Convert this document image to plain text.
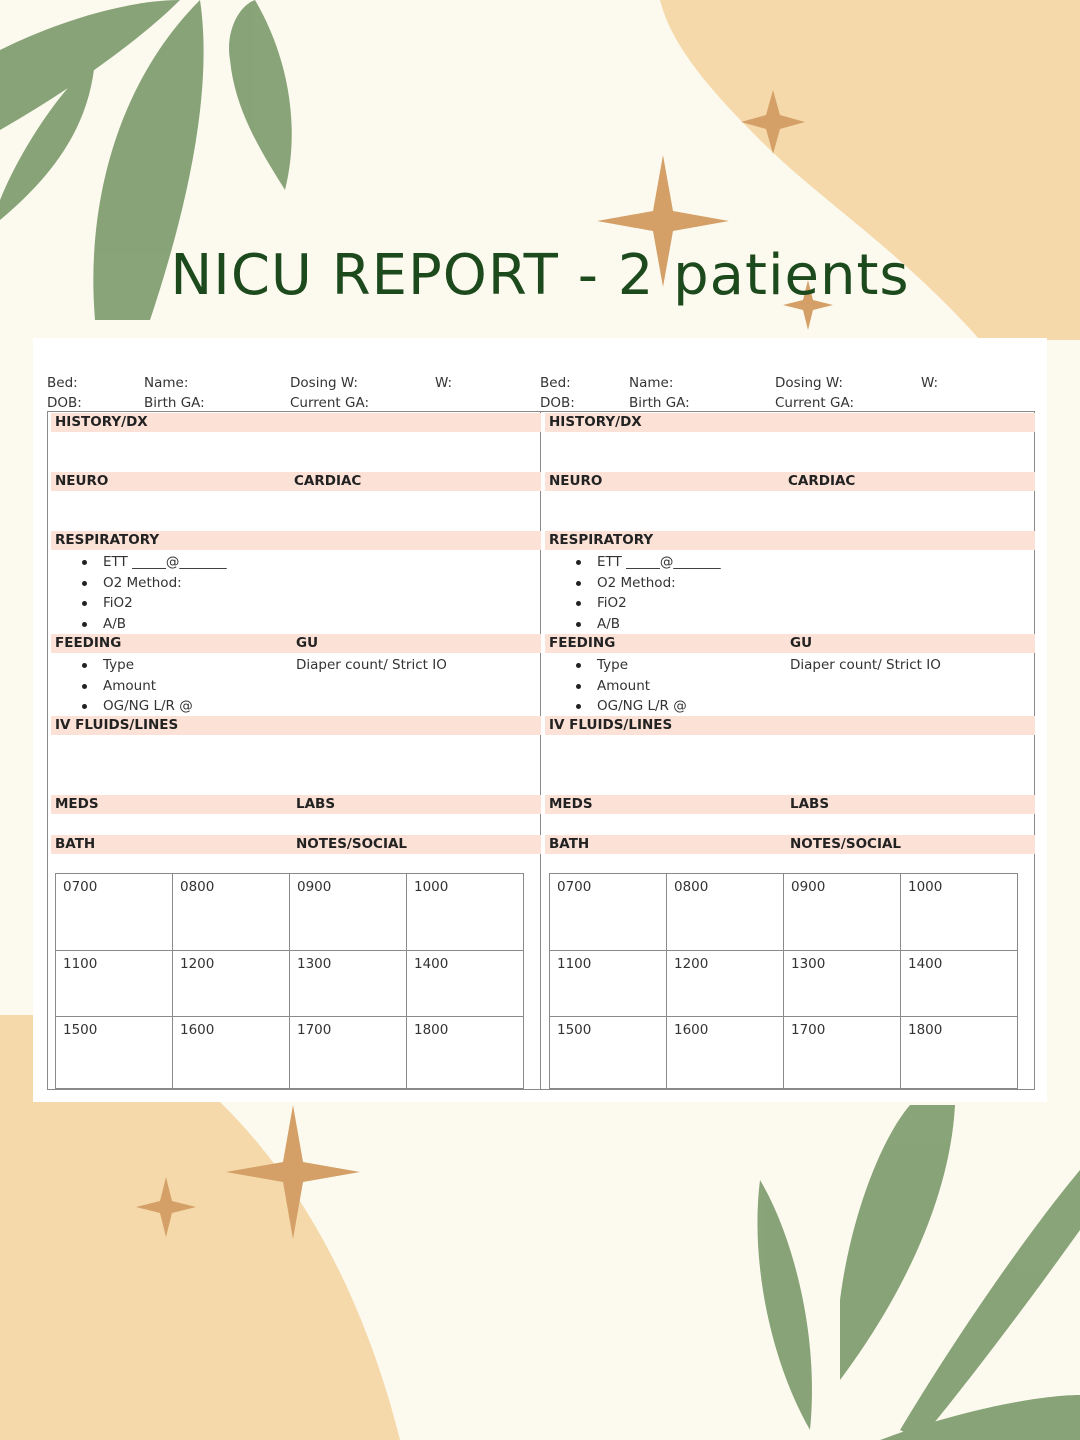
NICU REPORT - 2 patients
Bed:	Name:	Dosing W:	W:
DOB:	Birth GA:	Current GA:
Bed:	Name:	Dosing W:	W:
DOB:	Birth GA:	Current GA:
HISTORY/DX
NEURO	CARDIAC
RESPIRATORY
ETT _____@_______
O2 Method:
FiO2
A/B
FEEDING	GU
Type	Diaper count/ Strict IO
Amount
OG/NG L/R @
IV FLUIDS/LINES
MEDS	LABS
BATH	NOTES/SOCIAL
0700	0800	0900	1000
1100	1200	1300	1400
1500	1600	1700	1800
HISTORY/DX
NEURO	CARDIAC
RESPIRATORY
ETT _____@_______
O2 Method:
FiO2
A/B
FEEDING	GU
Type	Diaper count/ Strict IO
Amount
OG/NG L/R @
IV FLUIDS/LINES
MEDS	LABS
BATH	NOTES/SOCIAL
0700	0800	0900	1000
1100	1200	1300	1400
1500	1600	1700	1800
